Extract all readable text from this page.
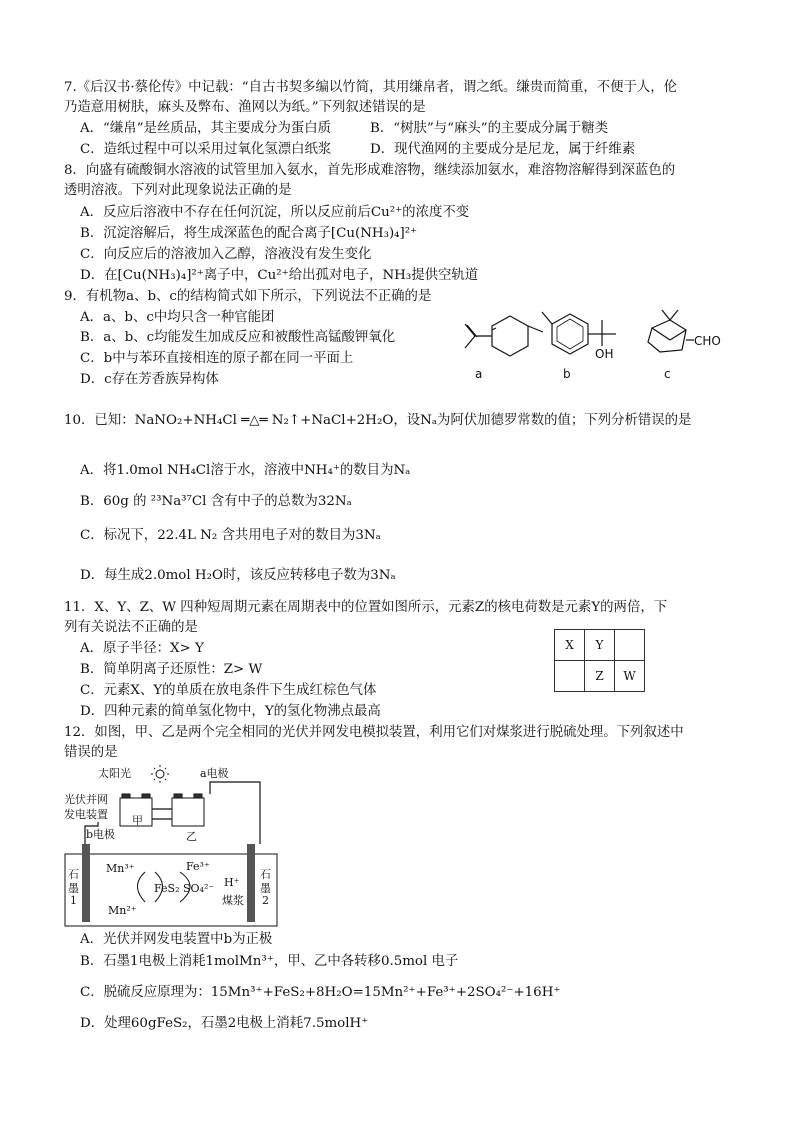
7.《后汉书·蔡伦传》中记载：“自古书契多编以竹简，其用缣帛者，谓之纸。缣贵而简重，不便于人，伦
乃造意用树肤，麻头及弊布、渔网以为纸。”下列叙述错误的是
A．“缣帛”是丝质品，其主要成分为蛋白质	B．“树肤”与“麻头”的主要成分属于糖类
C．造纸过程中可以采用过氧化氢漂白纸浆	D．现代渔网的主要成分是尼龙，属于纤维素
8．向盛有硫酸铜水溶液的试管里加入氨水，首先形成难溶物，继续添加氨水，难溶物溶解得到深蓝色的
透明溶液。下列对此现象说法正确的是
A．反应后溶液中不存在任何沉淀，所以反应前后Cu²⁺的浓度不变
B．沉淀溶解后，将生成深蓝色的配合离子[Cu(NH₃)₄]²⁺
C．向反应后的溶液加入乙醇，溶液没有发生变化
D．在[Cu(NH₃)₄]²⁺离子中，Cu²⁺给出孤对电子，NH₃提供空轨道
9．有机物a、b、c的结构简式如下所示，下列说法不正确的是
A．a、b、c中均只含一种官能团
B．a、b、c均能发生加成反应和被酸性高锰酸钾氧化
C．b中与苯环直接相连的原子都在同一平面上
D．c存在芳香族异构体
OH
CHO
a	b	c
10．已知：NaNO₂+NH₄Cl ═△═ N₂↑+NaCl+2H₂O，设Nₐ为阿伏加德罗常数的值；下列分析错误的是
A．将1.0mol NH₄Cl溶于水，溶液中NH₄⁺的数目为Nₐ
B．60g 的 ²³Na³⁷Cl 含有中子的总数为32Nₐ
C．标况下，22.4L N₂ 含共用电子对的数目为3Nₐ
D．每生成2.0mol H₂O时，该反应转移电子数为3Nₐ
11．X、Y、Z、W 四种短周期元素在周期表中的位置如图所示，元素Z的核电荷数是元素Y的两倍，下
列有关说法不正确的是
A．原子半径：X> Y
B．简单阴离子还原性：Z> W
C．元素X、Y的单质在放电条件下生成红棕色气体
D．四种元素的简单氢化物中，Y的氢化物沸点最高
X	Y	
	Z	W
12．如图，甲、乙是两个完全相同的光伏并网发电模拟装置，利用它们对煤浆进行脱硫处理。下列叙述中
错误的是
太阳光	a电极
光伏并网
发电装置
b电极
甲
乙
石
墨
1
石
墨
2
Mn³⁺
Mn²⁺
Fe³⁺
FeS₂ SO₄²⁻ H⁺
煤浆
A．光伏并网发电装置中b为正极
B．石墨1电极上消耗1molMn³⁺，甲、乙中各转移0.5mol 电子
C．脱硫反应原理为：15Mn³⁺+FeS₂+8H₂O=15Mn²⁺+Fe³⁺+2SO₄²⁻+16H⁺
D．处理60gFeS₂，石墨2电极上消耗7.5molH⁺
